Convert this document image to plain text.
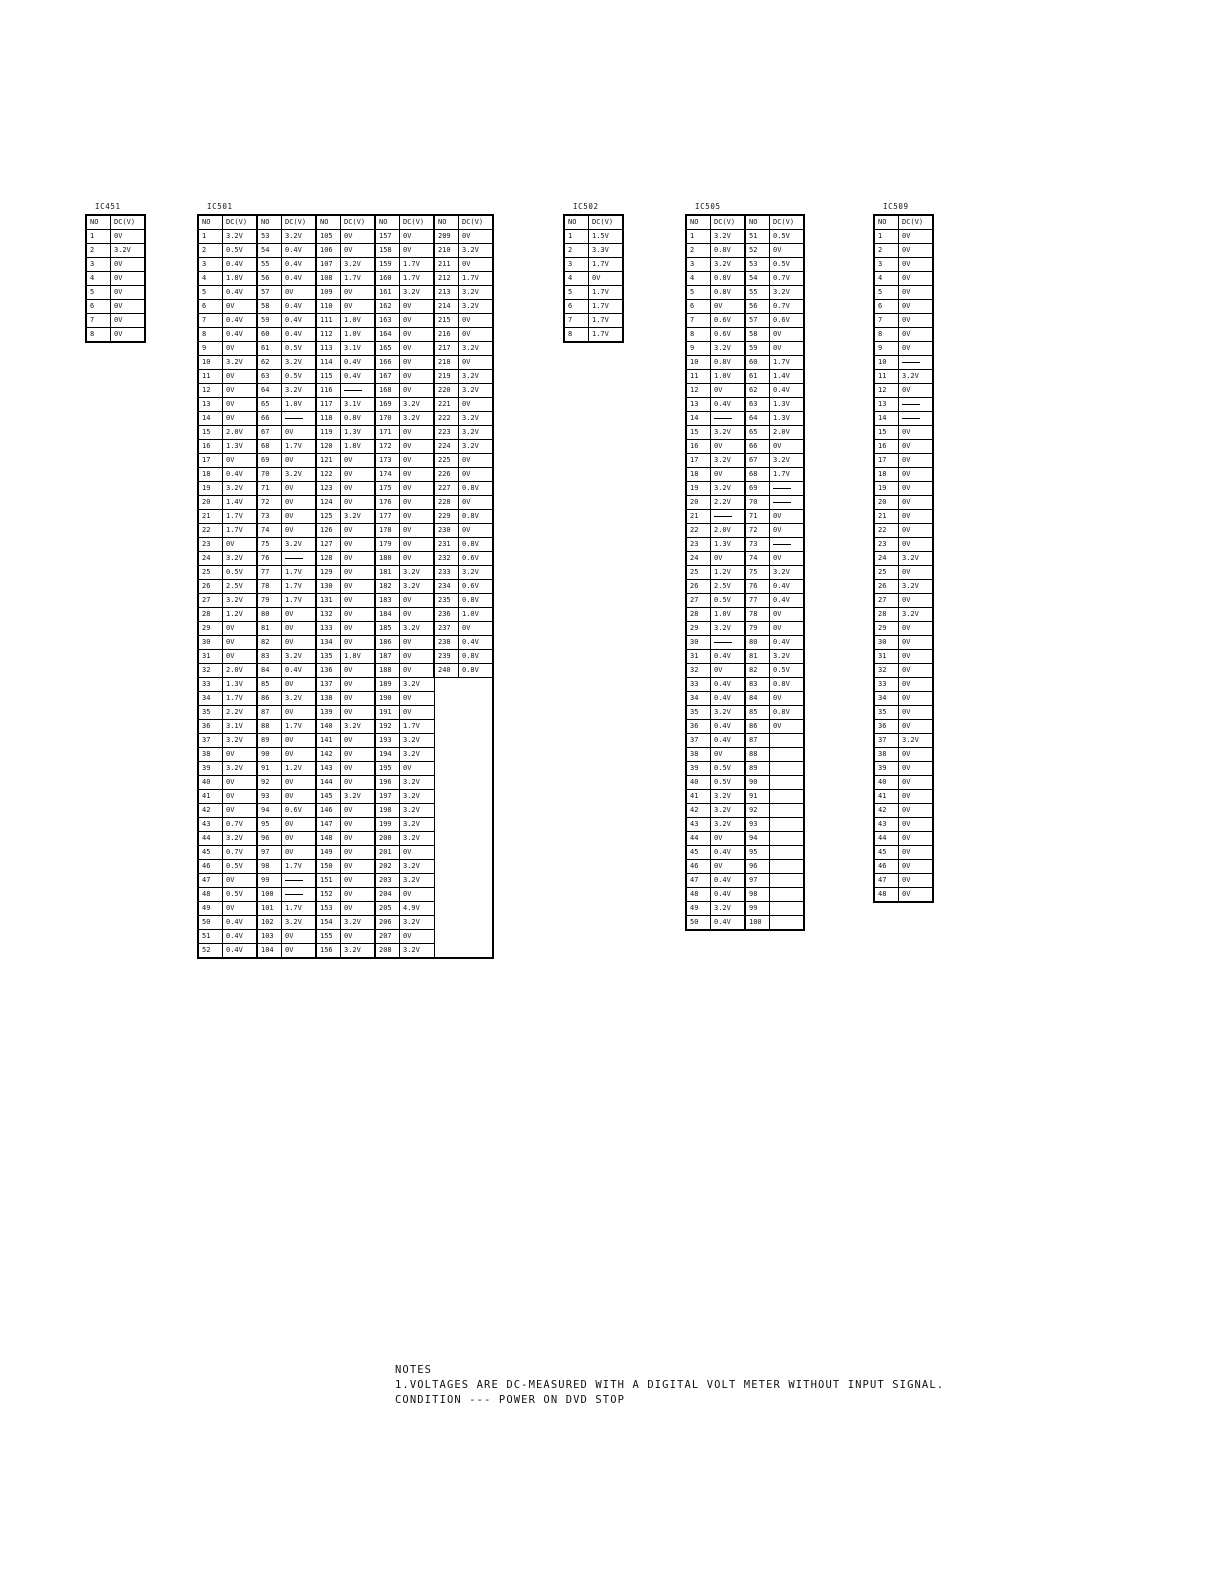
IC451
NO	DC(V)
1	0V
2	3.2V
3	0V
4	0V
5	0V
6	0V
7	0V
8	0V
IC501
NO	DC(V)	NO	DC(V)	NO	DC(V)	NO	DC(V)	NO	DC(V)
1	3.2V	53	3.2V	105	0V	157	0V	209	0V
2	0.5V	54	0.4V	106	0V	158	0V	210	3.2V
3	0.4V	55	0.4V	107	3.2V	159	1.7V	211	0V
4	1.8V	56	0.4V	108	1.7V	160	1.7V	212	1.7V
5	0.4V	57	0V	109	0V	161	3.2V	213	3.2V
6	0V	58	0.4V	110	0V	162	0V	214	3.2V
7	0.4V	59	0.4V	111	1.0V	163	0V	215	0V
8	0.4V	60	0.4V	112	1.0V	164	0V	216	0V
9	0V	61	0.5V	113	3.1V	165	0V	217	3.2V
10	3.2V	62	3.2V	114	0.4V	166	0V	218	0V
11	0V	63	0.5V	115	0.4V	167	0V	219	3.2V
12	0V	64	3.2V	116		168	0V	220	3.2V
13	0V	65	1.0V	117	3.1V	169	3.2V	221	0V
14	0V	66		118	0.8V	170	3.2V	222	3.2V
15	2.0V	67	0V	119	1.3V	171	0V	223	3.2V
16	1.3V	68	1.7V	120	1.8V	172	0V	224	3.2V
17	0V	69	0V	121	0V	173	0V	225	0V
18	0.4V	70	3.2V	122	0V	174	0V	226	0V
19	3.2V	71	0V	123	0V	175	0V	227	0.8V
20	1.4V	72	0V	124	0V	176	0V	228	0V
21	1.7V	73	0V	125	3.2V	177	0V	229	0.8V
22	1.7V	74	0V	126	0V	178	0V	230	0V
23	0V	75	3.2V	127	0V	179	0V	231	0.8V
24	3.2V	76		128	0V	180	0V	232	0.6V
25	0.5V	77	1.7V	129	0V	181	3.2V	233	3.2V
26	2.5V	78	1.7V	130	0V	182	3.2V	234	0.6V
27	3.2V	79	1.7V	131	0V	183	0V	235	0.8V
28	1.2V	80	0V	132	0V	184	0V	236	1.0V
29	0V	81	0V	133	0V	185	3.2V	237	0V
30	0V	82	0V	134	0V	186	0V	238	0.4V
31	0V	83	3.2V	135	1.8V	187	0V	239	0.8V
32	2.0V	84	0.4V	136	0V	188	0V	240	0.8V
33	1.3V	85	0V	137	0V	189	3.2V		
34	1.7V	86	3.2V	138	0V	190	0V		
35	2.2V	87	0V	139	0V	191	0V		
36	3.1V	88	1.7V	140	3.2V	192	1.7V		
37	3.2V	89	0V	141	0V	193	3.2V		
38	0V	90	0V	142	0V	194	3.2V		
39	3.2V	91	1.2V	143	0V	195	0V		
40	0V	92	0V	144	0V	196	3.2V		
41	0V	93	0V	145	3.2V	197	3.2V		
42	0V	94	0.6V	146	0V	198	3.2V		
43	0.7V	95	0V	147	0V	199	3.2V		
44	3.2V	96	0V	148	0V	200	3.2V		
45	0.7V	97	0V	149	0V	201	0V		
46	0.5V	98	1.7V	150	0V	202	3.2V		
47	0V	99		151	0V	203	3.2V		
48	0.5V	100		152	0V	204	0V		
49	0V	101	1.7V	153	0V	205	4.9V		
50	0.4V	102	3.2V	154	3.2V	206	3.2V		
51	0.4V	103	0V	155	0V	207	0V		
52	0.4V	104	0V	156	3.2V	208	3.2V		
IC502
NO	DC(V)
1	1.5V
2	3.3V
3	1.7V
4	0V
5	1.7V
6	1.7V
7	1.7V
8	1.7V
IC505
NO	DC(V)	NO	DC(V)
1	3.2V	51	0.5V
2	0.8V	52	0V
3	3.2V	53	0.5V
4	0.8V	54	0.7V
5	0.8V	55	3.2V
6	0V	56	0.7V
7	0.6V	57	0.6V
8	0.6V	58	0V
9	3.2V	59	0V
10	0.8V	60	1.7V
11	1.0V	61	1.4V
12	0V	62	0.4V
13	0.4V	63	1.3V
14		64	1.3V
15	3.2V	65	2.0V
16	0V	66	0V
17	3.2V	67	3.2V
18	0V	68	1.7V
19	3.2V	69	
20	2.2V	70	
21		71	0V
22	2.0V	72	0V
23	1.3V	73	
24	0V	74	0V
25	1.2V	75	3.2V
26	2.5V	76	0.4V
27	0.5V	77	0.4V
28	1.0V	78	0V
29	3.2V	79	0V
30		80	0.4V
31	0.4V	81	3.2V
32	0V	82	0.5V
33	0.4V	83	0.8V
34	0.4V	84	0V
35	3.2V	85	0.8V
36	0.4V	86	0V
37	0.4V	87	
38	0V	88	
39	0.5V	89	
40	0.5V	90	
41	3.2V	91	
42	3.2V	92	
43	3.2V	93	
44	0V	94	
45	0.4V	95	
46	0V	96	
47	0.4V	97	
48	0.4V	98	
49	3.2V	99	
50	0.4V	100	
IC509
NO	DC(V)
1	0V
2	0V
3	0V
4	0V
5	0V
6	0V
7	0V
8	0V
9	0V
10	
11	3.2V
12	0V
13	
14	
15	0V
16	0V
17	0V
18	0V
19	0V
20	0V
21	0V
22	0V
23	0V
24	3.2V
25	0V
26	3.2V
27	0V
28	3.2V
29	0V
30	0V
31	0V
32	0V
33	0V
34	0V
35	0V
36	0V
37	3.2V
38	0V
39	0V
40	0V
41	0V
42	0V
43	0V
44	0V
45	0V
46	0V
47	0V
48	0V
NOTES
1.VOLTAGES ARE DC-MEASURED WITH A DIGITAL VOLT METER WITHOUT INPUT SIGNAL.
CONDITION --- POWER ON DVD STOP
